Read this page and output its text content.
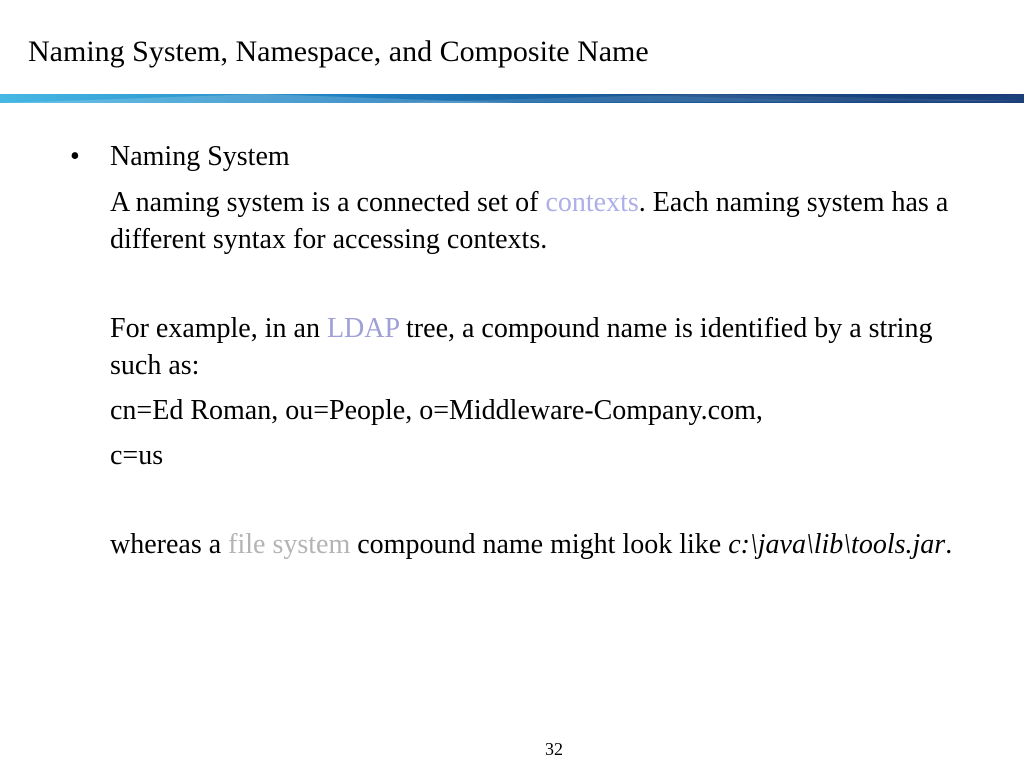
Naming System, Namespace, and Composite Name
• Naming System
A naming system is a connected set of contexts. Each naming system has a different syntax for accessing contexts.
For example, in an LDAP tree, a compound name is identified by a string such as:
cn=Ed Roman, ou=People, o=Middleware-Company.com,
c=us
whereas a file system compound name might look like c:\java\lib\tools.jar.
32
